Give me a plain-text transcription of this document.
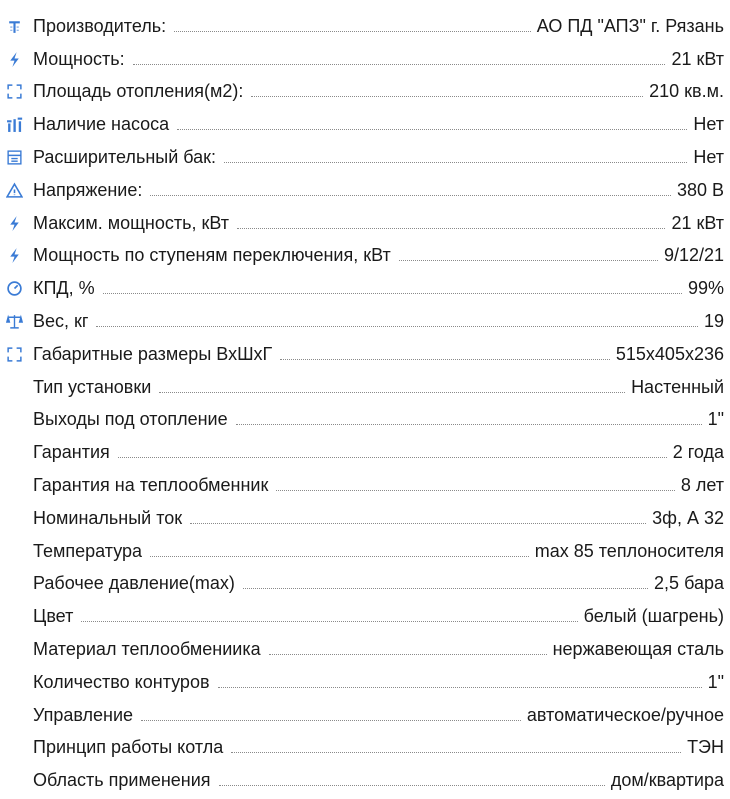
Производитель:	АО ПД "АПЗ" г. Рязань
Мощность:	21 кВт
Площадь отопления(м2):	210 кв.м.
Наличие насоса	Нет
Расширительный бак:	Нет
Напряжение:	380 В
Максим. мощность, кВт	21 кВт
Мощность по ступеням переключения, кВт	9/12/21
КПД, %	99%
Вес, кг	19
Габаритные размеры ВхШхГ	515х405х236
Тип установки	Настенный
Выходы под отопление	1"
Гарантия	2 года
Гарантия на теплообменник	8 лет
Номинальный ток	3ф, А 32
Температура	max 85 теплоносителя
Рабочее давление(max)	2,5 бара
Цвет	белый (шагрень)
Материал теплообмениика	нержавеющая сталь
Количество контуров	1"
Управление	автоматическое/ручное
Принцип работы котла	ТЭН
Область применения	дом/квартира
